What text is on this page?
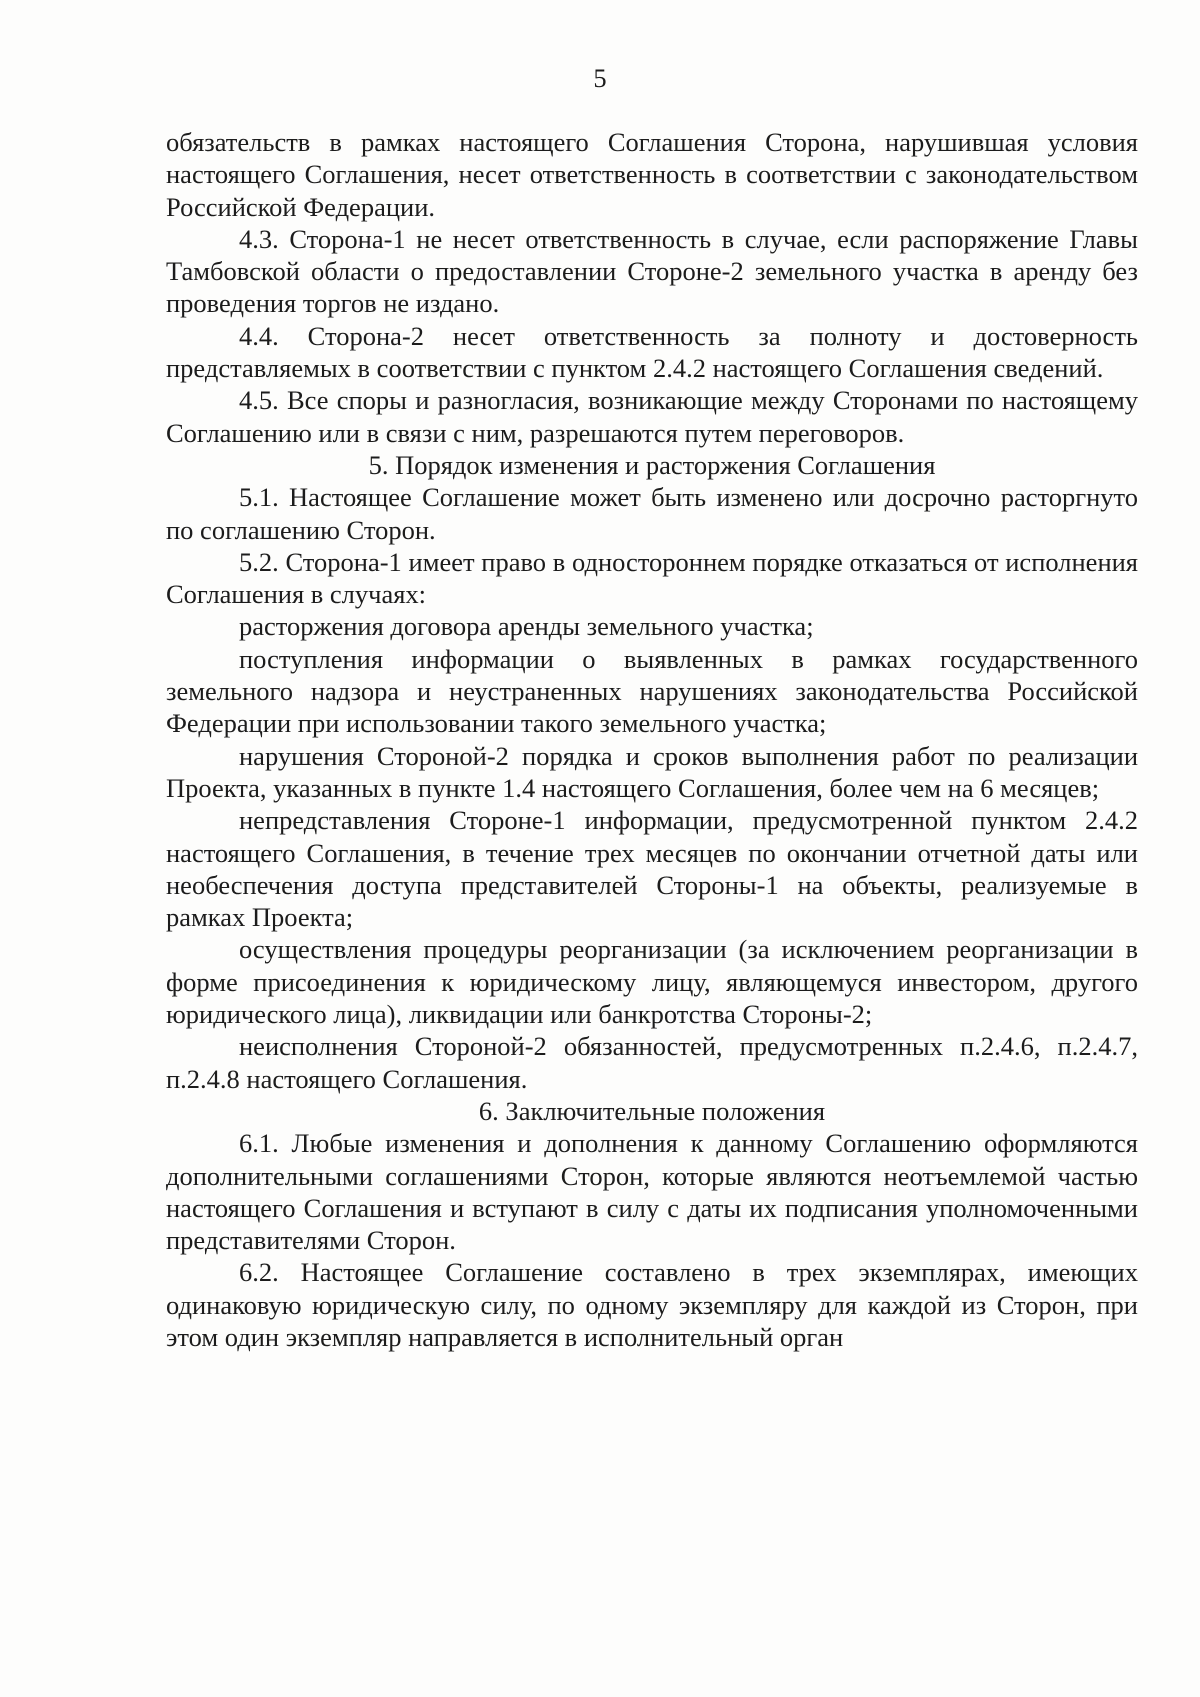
5

обязательств в рамках настоящего Соглашения Сторона, нарушившая условия настоящего Соглашения, несет ответственность в соответствии с законодательством Российской Федерации.

4.3. Сторона-1 не несет ответственность в случае, если распоряжение Главы Тамбовской области о предоставлении Стороне-2 земельного участка в аренду без проведения торгов не издано.

4.4. Сторона-2 несет ответственность за полноту и достоверность представляемых в соответствии с пунктом 2.4.2 настоящего Соглашения сведений.

4.5. Все споры и разногласия, возникающие между Сторонами по настоящему Соглашению или в связи с ним, разрешаются путем переговоров.

5. Порядок изменения и расторжения Соглашения

5.1. Настоящее Соглашение может быть изменено или досрочно расторгнуто по соглашению Сторон.

5.2. Сторона-1 имеет право в одностороннем порядке отказаться от исполнения Соглашения в случаях:

расторжения договора аренды земельного участка;

поступления информации о выявленных в рамках государственного земельного надзора и неустраненных нарушениях законодательства Российской Федерации при использовании такого земельного участка;

нарушения Стороной-2 порядка и сроков выполнения работ по реализации Проекта, указанных в пункте 1.4 настоящего Соглашения, более чем на 6 месяцев;

непредставления Стороне-1 информации, предусмотренной пунктом 2.4.2 настоящего Соглашения, в течение трех месяцев по окончании отчетной даты или необеспечения доступа представителей Стороны-1 на объекты, реализуемые в рамках Проекта;

осуществления процедуры реорганизации (за исключением реорганизации в форме присоединения к юридическому лицу, являющемуся инвестором, другого юридического лица), ликвидации или банкротства Стороны-2;

неисполнения Стороной-2 обязанностей, предусмотренных п.2.4.6, п.2.4.7, п.2.4.8 настоящего Соглашения.

6. Заключительные положения

6.1. Любые изменения и дополнения к данному Соглашению оформляются дополнительными соглашениями Сторон, которые являются неотъемлемой частью настоящего Соглашения и вступают в силу с даты их подписания уполномоченными представителями Сторон.

6.2. Настоящее Соглашение составлено в трех экземплярах, имеющих одинаковую юридическую силу, по одному экземпляру для каждой из Сторон, при этом один экземпляр направляется в исполнительный орган
